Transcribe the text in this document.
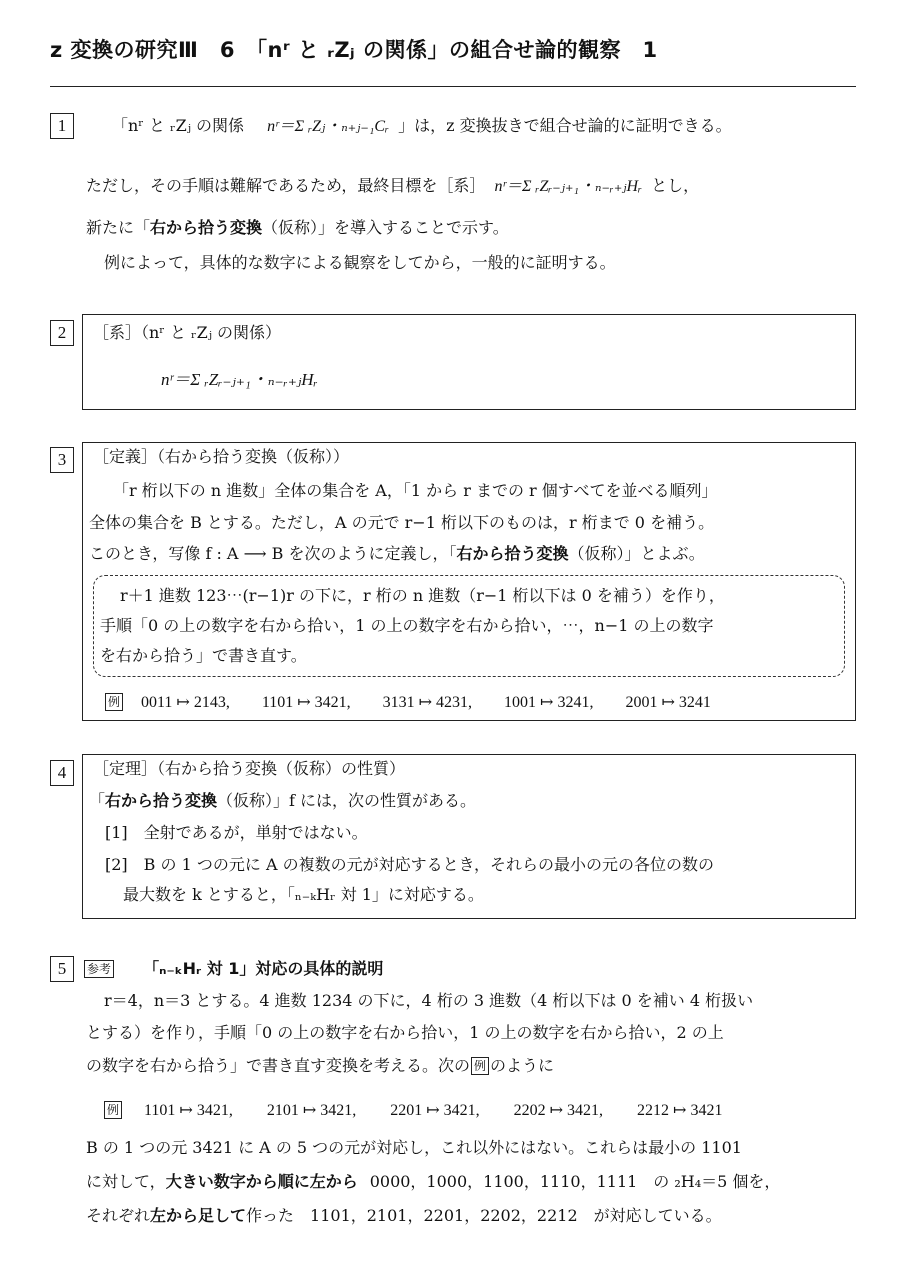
z 変換の研究Ⅲ　6　「nʳ と ᵣZⱼ の関係」の組合せ論的観察　1
1	「nʳ と ᵣZⱼ の関係 nʳ＝Σ ᵣZⱼ・ₙ₊ⱼ₋₁Cᵣ 」は，z 変換抜きで組合せ論的に証明できる。
ただし，その手順は難解であるため，最終目標を［系］ nʳ＝Σ ᵣZᵣ₋ⱼ₊₁・ₙ₋ᵣ₊ⱼHᵣ とし，
新たに「右から拾う変換（仮称）」を導入することで示す。
例によって，具体的な数字による観察をしてから，一般的に証明する。
2	［系］（nʳ と ᵣZⱼ の関係）
nʳ＝Σ ᵣZᵣ₋ⱼ₊₁・ₙ₋ᵣ₊ⱼHᵣ
3	［定義］（右から拾う変換（仮称））
「r 桁以下の n 進数」全体の集合を A，「1 から r までの r 個すべてを並べる順列」
全体の集合を B とする。ただし，A の元で r−1 桁以下のものは，r 桁まで 0 を補う。
このとき，写像 f : A ⟶ B を次のように定義し，「右から拾う変換（仮称）」とよぶ。
r＋1 進数 123⋯(r−1)r の下に，r 桁の n 進数（r−1 桁以下は 0 を補う）を作り，
手順「0 の上の数字を右から拾い，1 の上の数字を右から拾い，⋯，n−1 の上の数字
を右から拾う」で書き直す。
例 0011 ↦ 2143, 1101 ↦ 3421, 3131 ↦ 4231, 1001 ↦ 3241, 2001 ↦ 3241
4	［定理］（右から拾う変換（仮称）の性質）
「右から拾う変換（仮称）」f には，次の性質がある。
[1]　全射であるが，単射ではない。
[2]　B の 1 つの元に A の複数の元が対応するとき，それらの最小の元の各位の数の
最大数を k とすると，「ₙ₋ₖHᵣ 対 1」に対応する。
5	参考 「ₙ₋ₖHᵣ 対 1」対応の具体的説明
r＝4，n＝3 とする。4 進数 1234 の下に，4 桁の 3 進数（4 桁以下は 0 を補い 4 桁扱い
とする）を作り，手順「0 の上の数字を右から拾い，1 の上の数字を右から拾い，2 の上
の数字を右から拾う」で書き直す変換を考える。次の 例 のように
例 1101 ↦ 3421, 2101 ↦ 3421, 2201 ↦ 3421, 2202 ↦ 3421, 2212 ↦ 3421
B の 1 つの元 3421 に A の 5 つの元が対応し，これ以外にはない。これらは最小の 1101
に対して，大きい数字から順に左から 0000，1000，1100，1110，1111　の ₂H₄＝5 個を，
それぞれ左から足して作った　1101，2101，2201，2202，2212　が対応している。
